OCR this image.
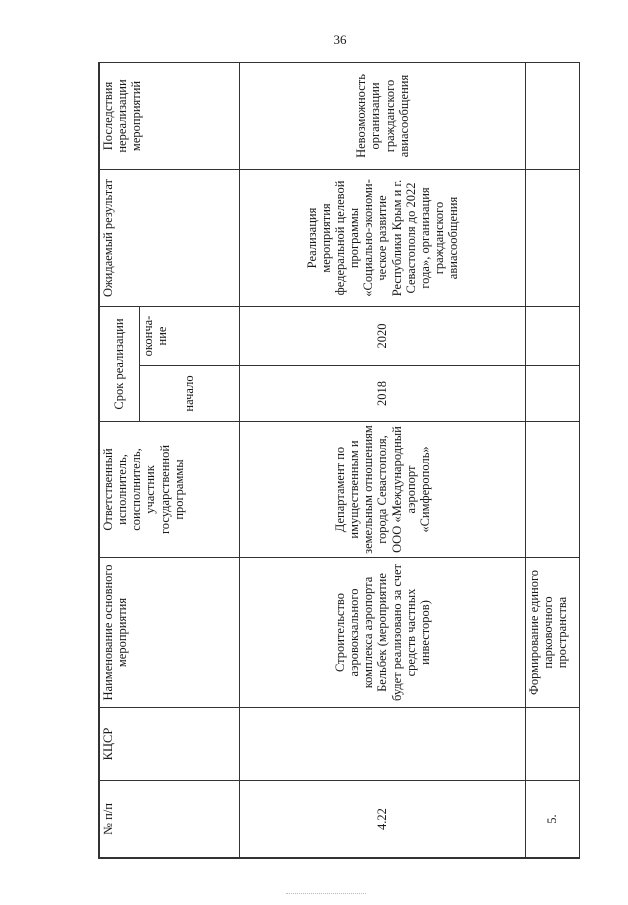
36
№ п/п	КЦСР	Наименование основного мероприятия	Ответственный исполнитель, соисполнитель, участник государственной программы	Срок реализации		Ожидаемый результат	Последствия нереализации мероприятий
				начало	оконча-ние		
4.22		Строительство аэровокзального комплекса аэропорта Бельбек (мероприятие будет реализовано за счет средств частных инвесторов)	Департамент по имущественным и земельным отношениям города Севастополя, ООО «Международный аэропорт «Симферополь»	2018	2020	Реализация мероприятия федеральной целевой программы «Социально-экономи-ческое развитие Республики Крым и г. Севастополя до 2022 года», организация гражданского авиасообщения	Невозможность организации гражданского авиасообщения
5.		Формирование единого парковочного пространства					
